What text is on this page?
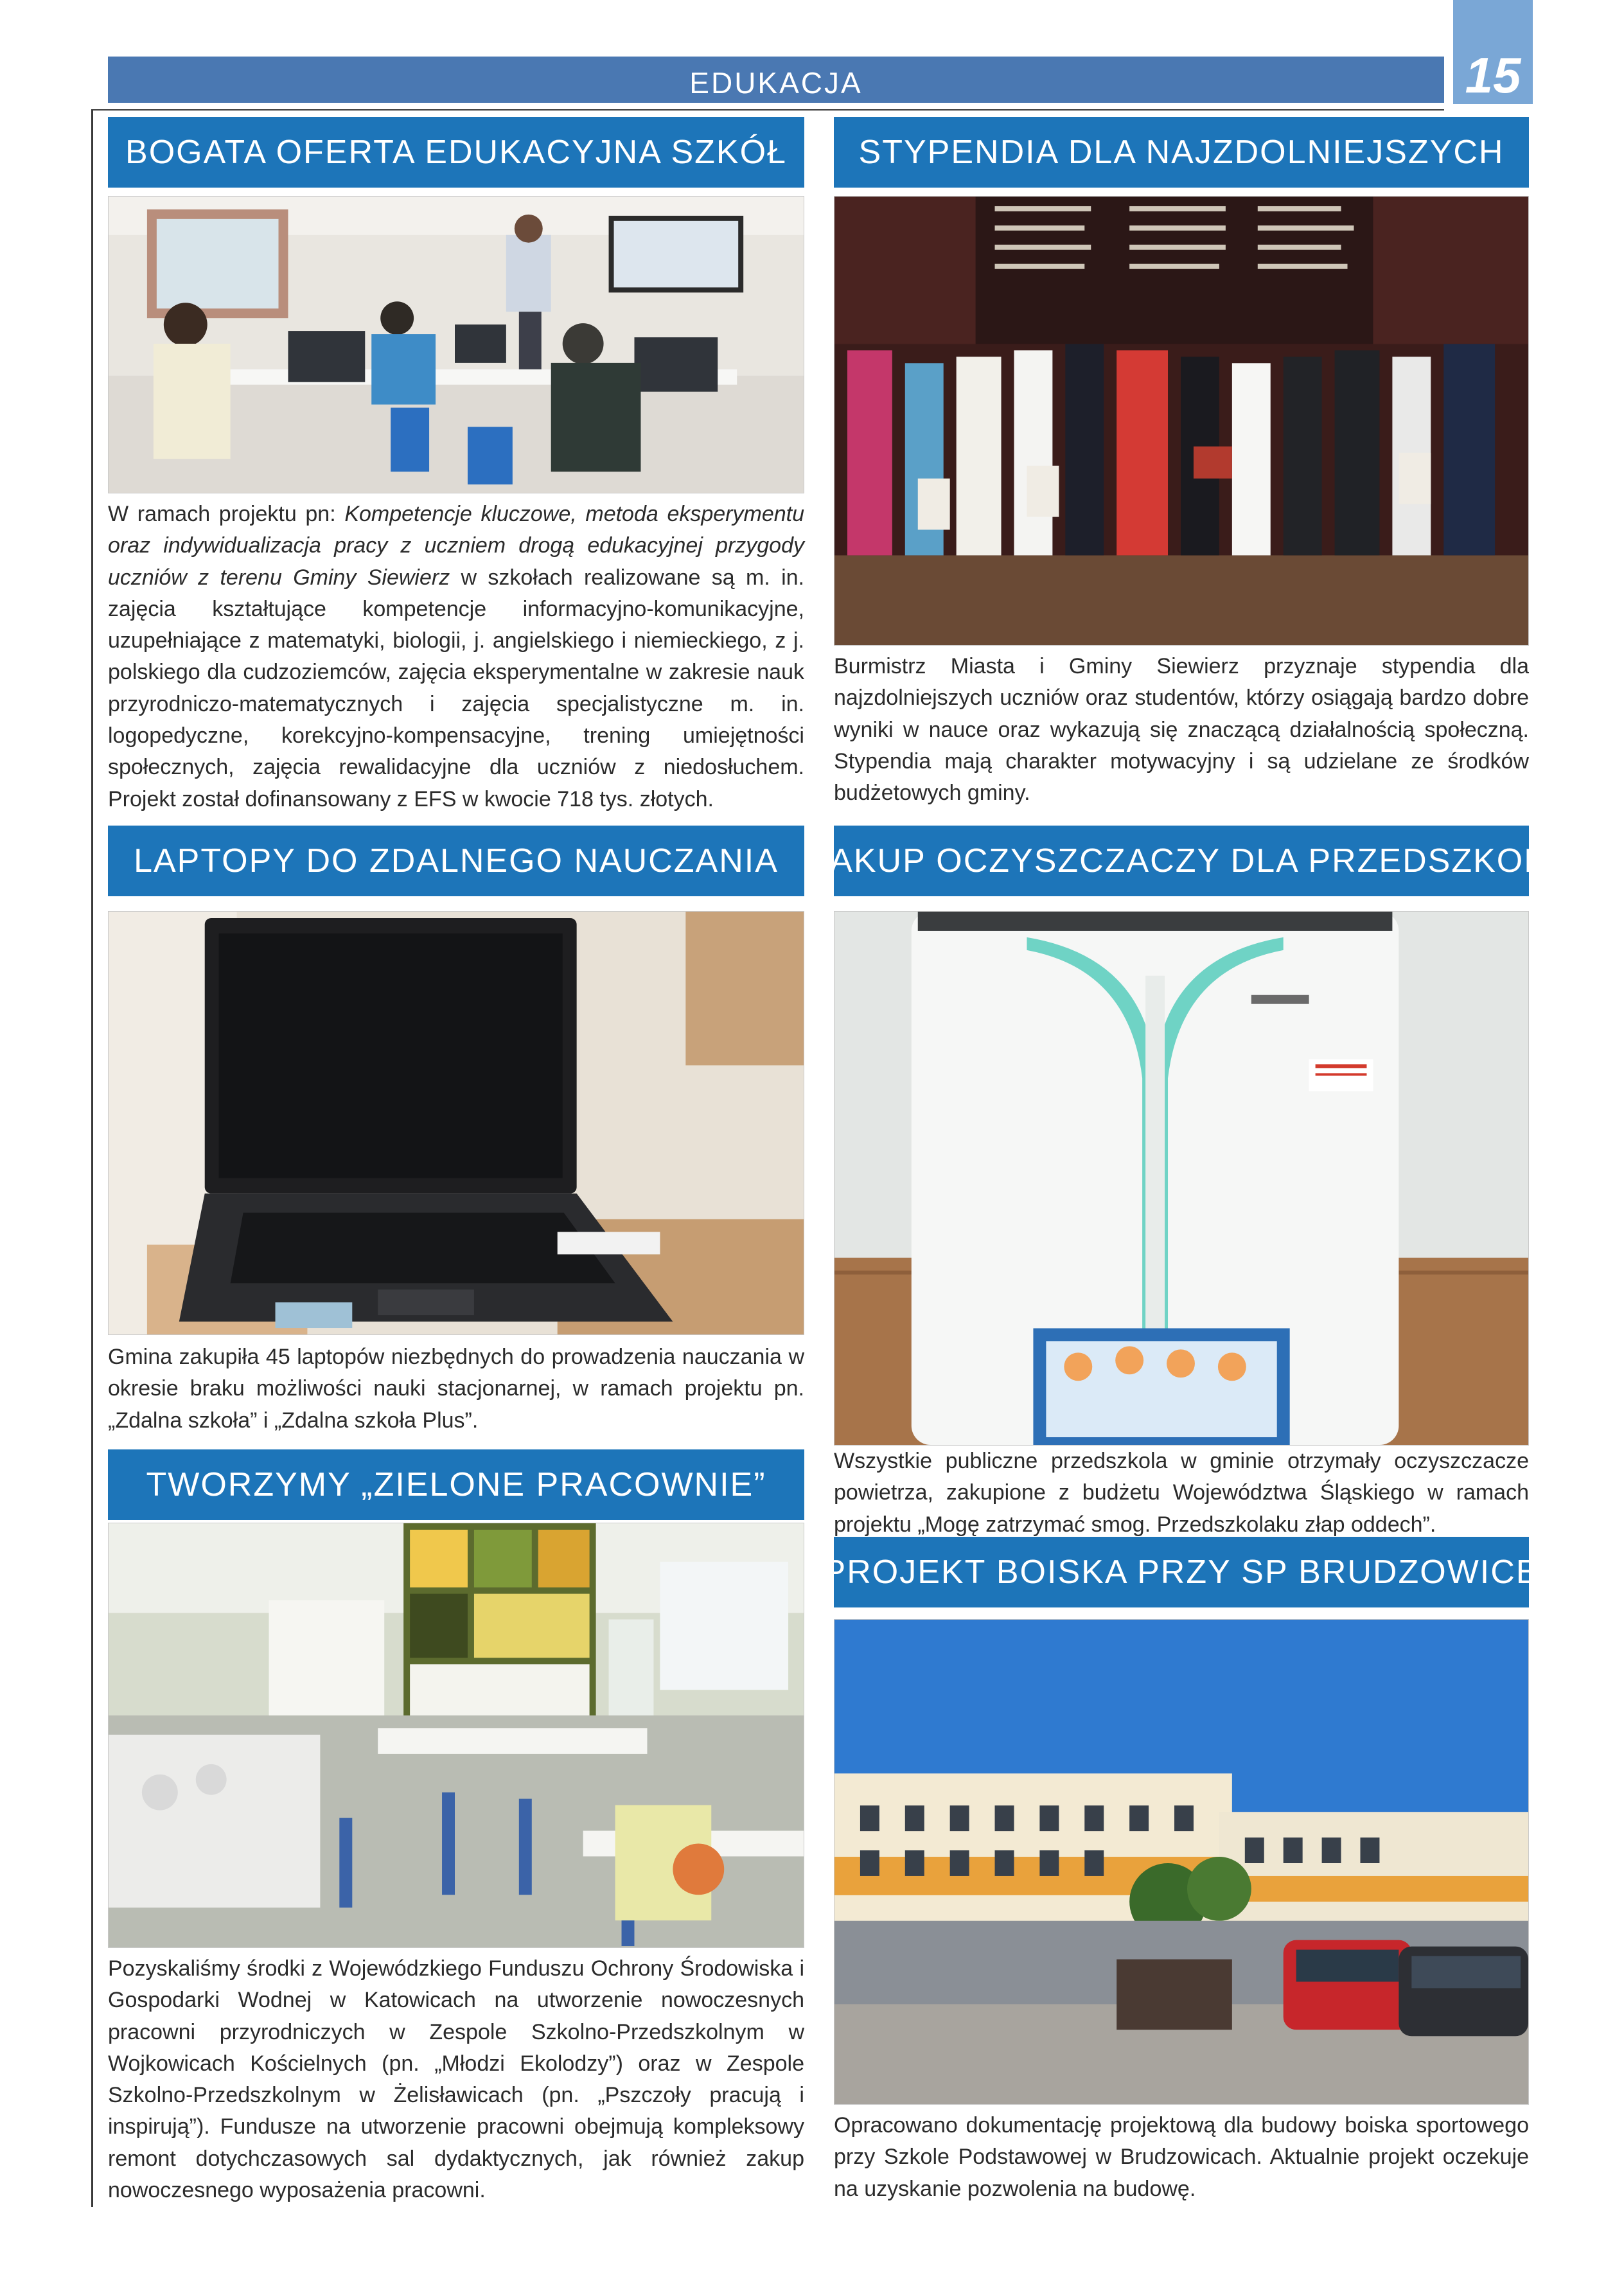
EDUKACJA	15
BOGATA OFERTA EDUKACYJNA SZKÓŁ
W ramach projektu pn: Kompetencje kluczowe, metoda eksperymentu oraz indywidualizacja pracy z uczniem drogą edukacyjnej przygody uczniów z terenu Gminy Siewierz w szkołach realizowane są m. in. zajęcia kształtujące kompetencje informacyjno-komunikacyjne, uzupełniające z matematyki, biologii, j. angielskiego i niemieckiego, z j. polskiego dla cudzoziemców, zajęcia eksperymentalne w zakresie nauk przyrodniczo-matematycznych i zajęcia specjalistyczne m. in. logopedyczne, korekcyjno-kompensacyjne, trening umiejętności społecznych, zajęcia rewalidacyjne dla uczniów z niedosłuchem. Projekt został dofinansowany z EFS w kwocie 718 tys. złotych.
LAPTOPY DO ZDALNEGO NAUCZANIA
Gmina zakupiła 45 laptopów niezbędnych do prowadzenia nauczania w okresie braku możliwości nauki stacjonarnej, w ramach projektu pn. „Zdalna szkoła” i „Zdalna szkoła Plus”.
TWORZYMY „ZIELONE PRACOWNIE”
Pozyskaliśmy środki z Wojewódzkiego Funduszu Ochrony Środowiska i Gospodarki Wodnej w Katowicach na utworzenie nowoczesnych pracowni przyrodniczych w Zespole Szkolno-Przedszkolnym w Wojkowicach Kościelnych (pn. „Młodzi Ekolodzy”) oraz w Zespole Szkolno-Przedszkolnym w Żelisławicach (pn. „Pszczoły pracują i inspirują”). Fundusze na utworzenie pracowni obejmują kompleksowy remont dotychczasowych sal dydaktycznych, jak również zakup nowoczesnego wyposażenia pracowni.
STYPENDIA DLA NAJZDOLNIEJSZYCH
Burmistrz Miasta i Gminy Siewierz przyznaje stypendia dla najzdolniejszych uczniów oraz studentów, którzy osiągają bardzo dobre wyniki w nauce oraz wykazują się znaczącą działalnością społeczną. Stypendia mają charakter motywacyjny i są udzielane ze środków budżetowych gminy.
ZAKUP OCZYSZCZACZY DLA PRZEDSZKOLI
Wszystkie publiczne przedszkola w gminie otrzymały oczyszczacze powietrza, zakupione z budżetu Województwa Śląskiego w ramach projektu „Mogę zatrzymać smog. Przedszkolaku złap oddech”.
PROJEKT BOISKA PRZY SP BRUDZOWICE
Opracowano dokumentację projektową dla budowy boiska sportowego przy Szkole Podstawowej w Brudzowicach. Aktualnie projekt oczekuje na uzyskanie pozwolenia na budowę.
